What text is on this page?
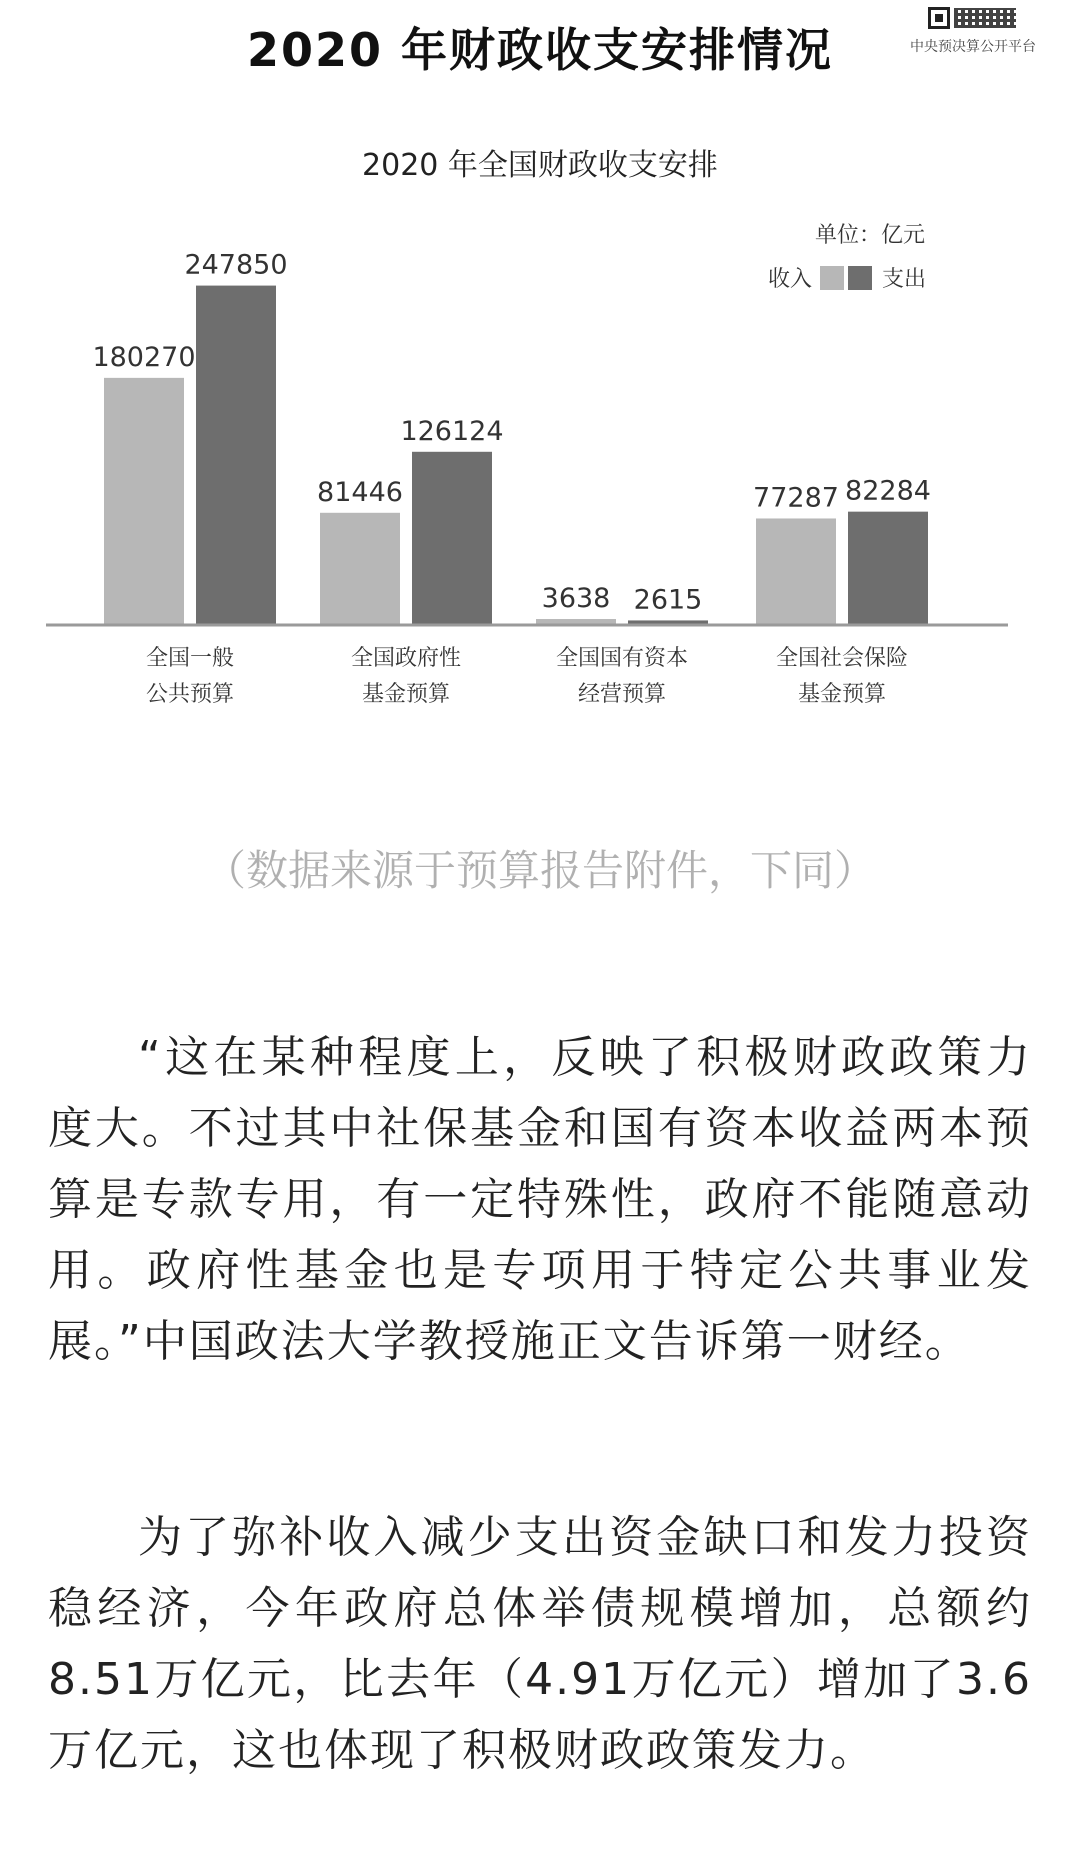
2020 年财政收支安排情况	中央预决算公开平台
2020 年全国财政收支安排
单位：亿元
收入	支出
180270
247850
全国一般
公共预算
81446
126124
全国政府性
基金预算
3638 2615
全国国有资本
经营预算
77287 82284
全国社会保险
基金预算
（数据来源于预算报告附件，下同）

“这在某种程度上，反映了积极财政政策力度大。不过其中社保基金和国有资本收益两本预算是专款专用，有一定特殊性，政府不能随意动用。政府性基金也是专项用于特定公共事业发展。”中国政法大学教授施正文告诉第一财经。

为了弥补收入减少支出资金缺口和发力投资稳经济，今年政府总体举债规模增加，总额约8.51万亿元，比去年（4.91万亿元）增加了3.6万亿元，这也体现了积极财政政策发力。
